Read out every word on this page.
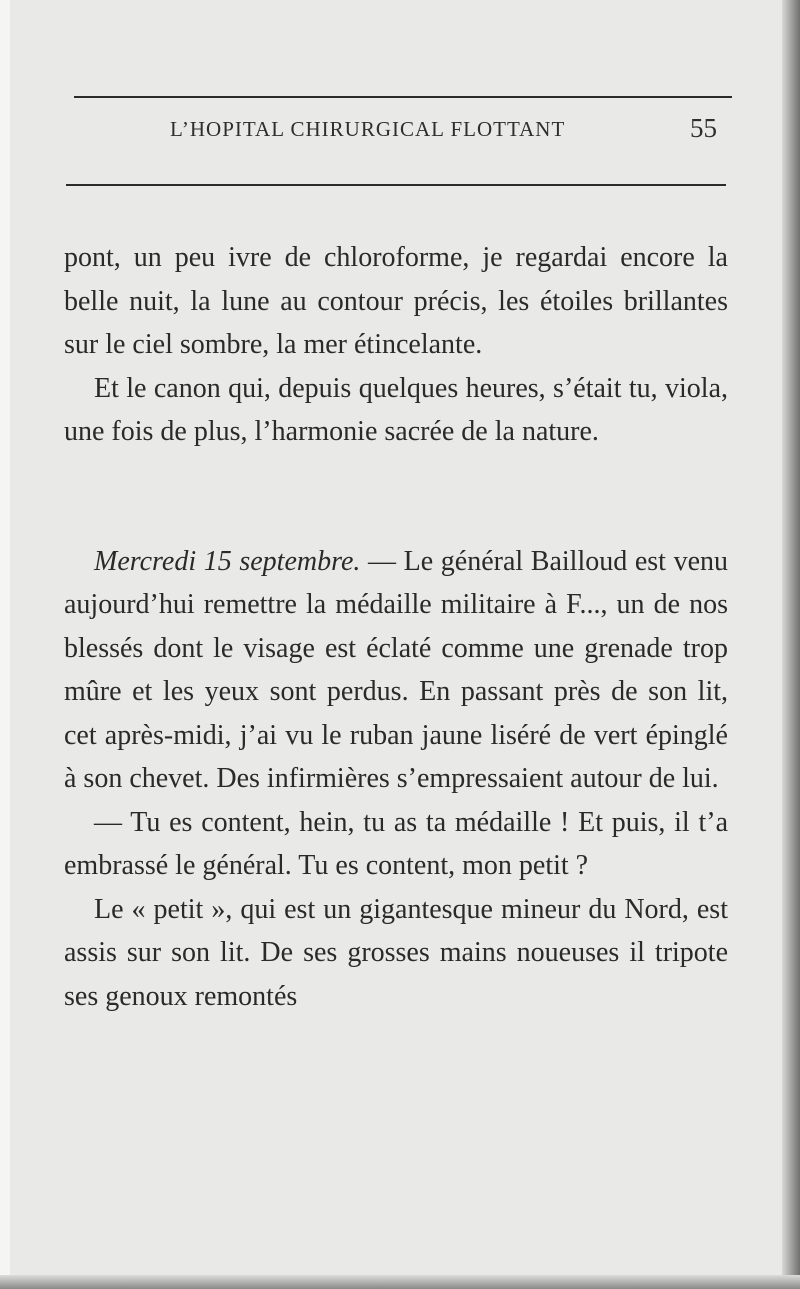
L’HOPITAL CHIRURGICAL FLOTTANT	55

pont, un peu ivre de chloroforme, je regardai encore la belle nuit, la lune au contour précis, les étoiles brillantes sur le ciel sombre, la mer étincelante.

Et le canon qui, depuis quelques heures, s’était tu, viola, une fois de plus, l’harmonie sacrée de la nature.

Mercredi 15 septembre. — Le général Bailloud est venu aujourd’hui remettre la médaille militaire à F..., un de nos blessés dont le visage est éclaté comme une grenade trop mûre et les yeux sont perdus. En passant près de son lit, cet après-midi, j’ai vu le ruban jaune liséré de vert épinglé à son chevet. Des infirmières s’empressaient autour de lui.

— Tu es content, hein, tu as ta médaille ! Et puis, il t’a embrassé le général. Tu es content, mon petit ?

Le « petit », qui est un gigantesque mineur du Nord, est assis sur son lit. De ses grosses mains noueuses il tripote ses genoux remontés
